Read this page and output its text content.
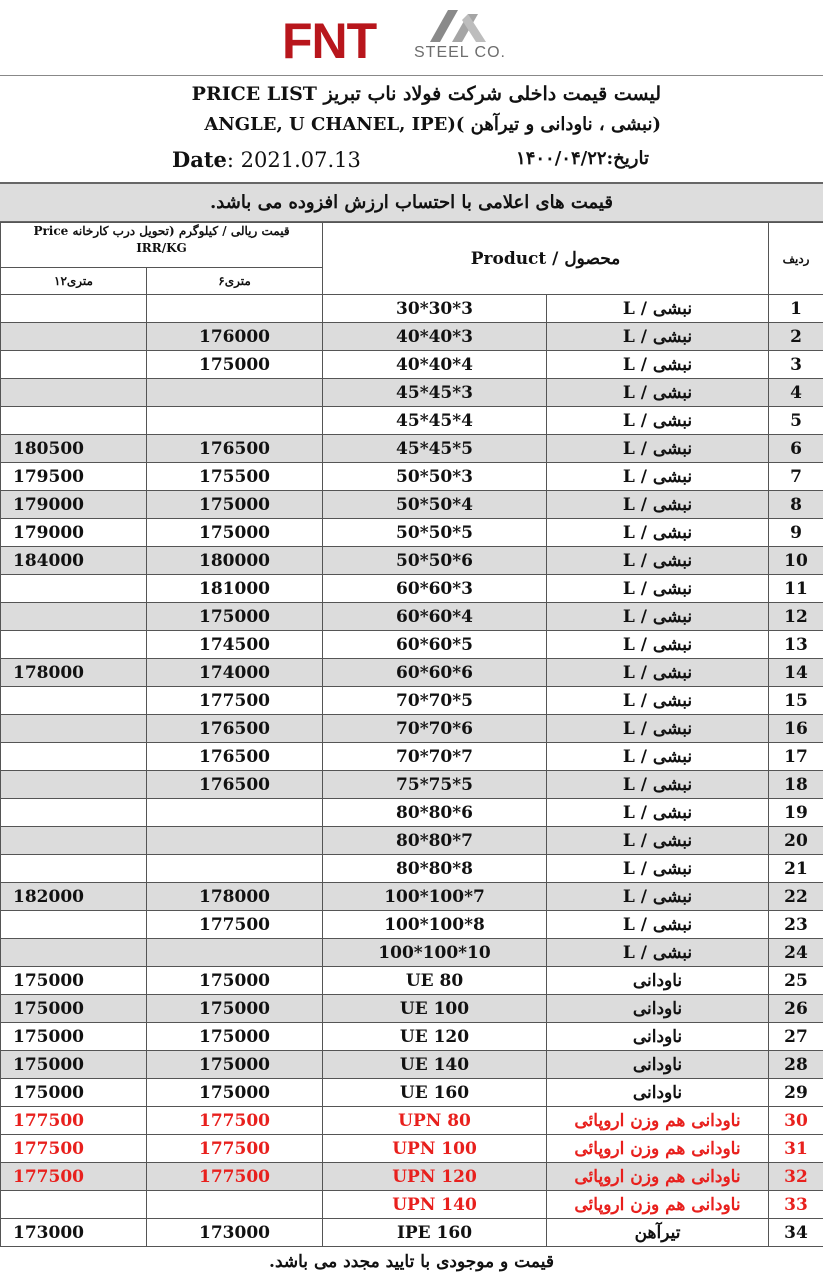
FNT STEEL CO.
لیست قیمت داخلی شرکت فولاد ناب تبریز PRICE LIST
(نبشی ، ناودانی و تیرآهن )(ANGLE, U CHANEL, IPE
Date: 2021.07.13	تاریخ:۱۴۰۰/۰۴/۲۲
قیمت های اعلامی با احتساب ارزش افزوده می باشد.
قیمت ریالی / کیلوگرم (تحویل درب کارخانه Price
IRR/KG		Product / محصول		ردیف
۱۲متری	۶متری			
		30*30*3	نبشی / L	1
	176000	40*40*3	نبشی / L	2
	175000	40*40*4	نبشی / L	3
		45*45*3	نبشی / L	4
		45*45*4	نبشی / L	5
180500	176500	45*45*5	نبشی / L	6
179500	175500	50*50*3	نبشی / L	7
179000	175000	50*50*4	نبشی / L	8
179000	175000	50*50*5	نبشی / L	9
184000	180000	50*50*6	نبشی / L	10
	181000	60*60*3	نبشی / L	11
	175000	60*60*4	نبشی / L	12
	174500	60*60*5	نبشی / L	13
178000	174000	60*60*6	نبشی / L	14
	177500	70*70*5	نبشی / L	15
	176500	70*70*6	نبشی / L	16
	176500	70*70*7	نبشی / L	17
	176500	75*75*5	نبشی / L	18
		80*80*6	نبشی / L	19
		80*80*7	نبشی / L	20
		80*80*8	نبشی / L	21
182000	178000	100*100*7	نبشی / L	22
	177500	100*100*8	نبشی / L	23
		100*100*10	نبشی / L	24
175000	175000	UE 80	ناودانی	25
175000	175000	UE 100	ناودانی	26
175000	175000	UE 120	ناودانی	27
175000	175000	UE 140	ناودانی	28
175000	175000	UE 160	ناودانی	29
177500	177500	UPN 80	ناودانی هم وزن اروپائی	30
177500	177500	UPN 100	ناودانی هم وزن اروپائی	31
177500	177500	UPN 120	ناودانی هم وزن اروپائی	32
		UPN 140	ناودانی هم وزن اروپائی	33
173000	173000	IPE 160	تیرآهن	34
قیمت و موجودی با تایید مجدد می باشد.
